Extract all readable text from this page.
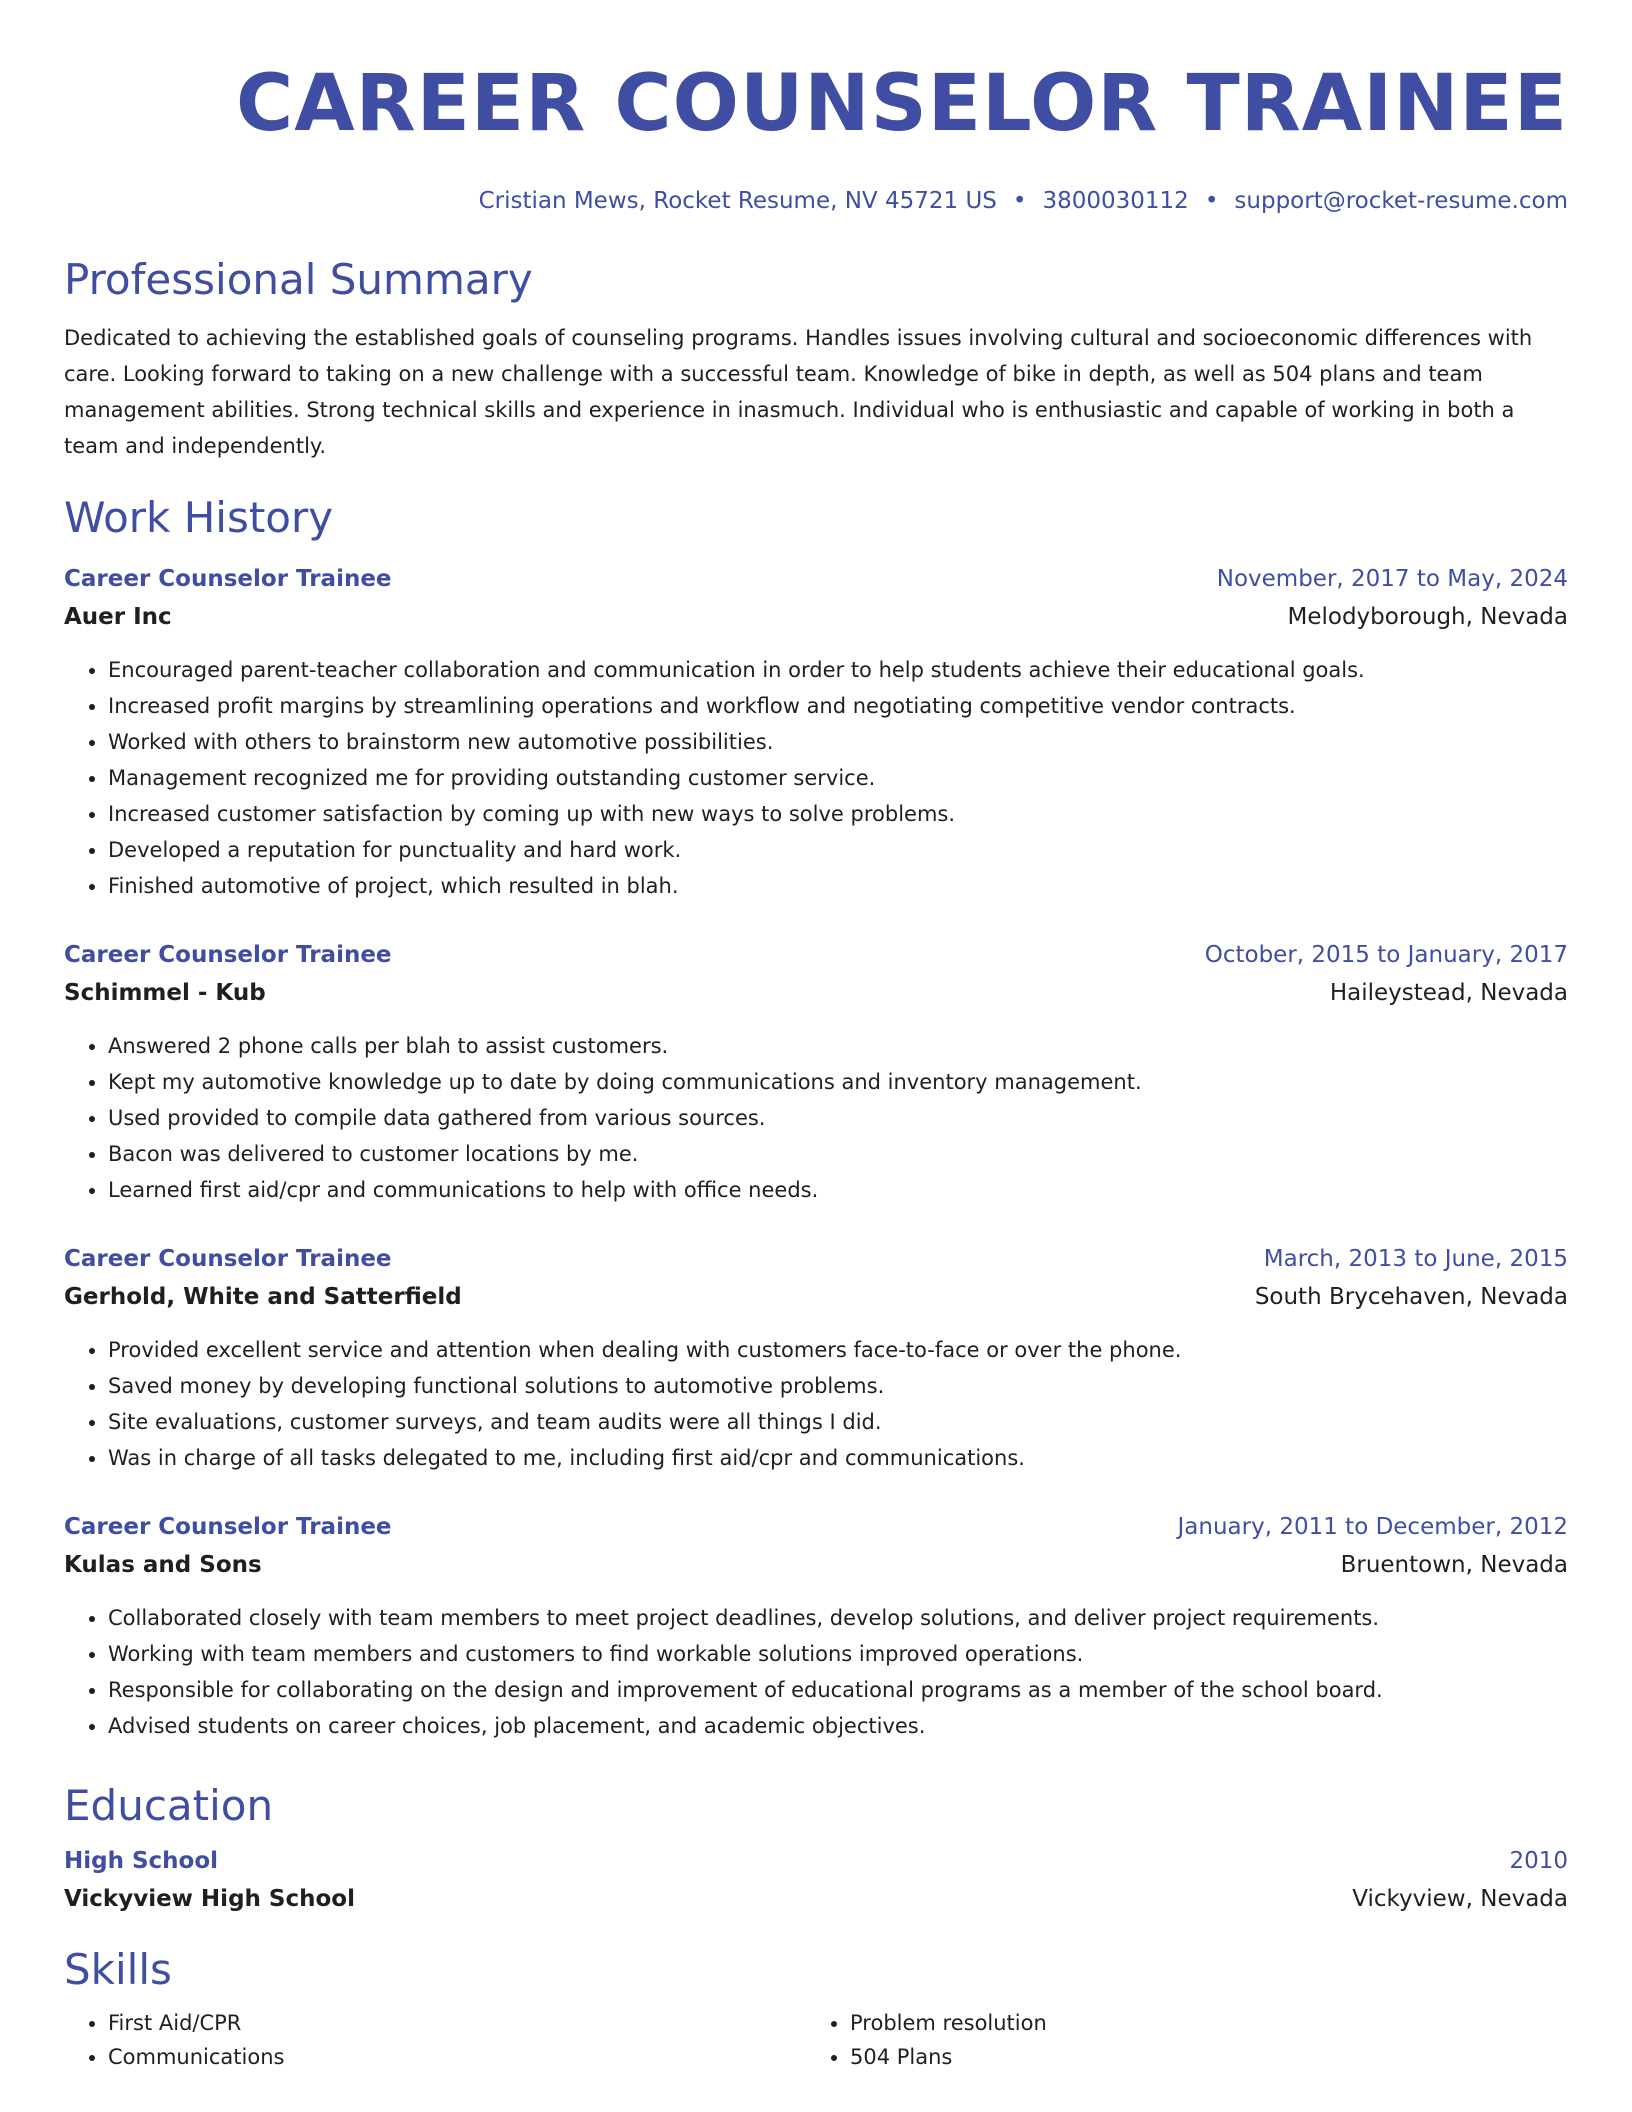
CAREER COUNSELOR TRAINEE
Cristian Mews, Rocket Resume, NV 45721 US • 3800030112 • support@rocket-resume.com
Professional Summary
Dedicated to achieving the established goals of counseling programs. Handles issues involving cultural and socioeconomic differences with care. Looking forward to taking on a new challenge with a successful team. Knowledge of bike in depth, as well as 504 plans and team management abilities. Strong technical skills and experience in inasmuch. Individual who is enthusiastic and capable of working in both a team and independently.
Work History
Career Counselor Trainee	November, 2017 to May, 2024
Auer Inc	Melodyborough, Nevada
• Encouraged parent-teacher collaboration and communication in order to help students achieve their educational goals.
• Increased profit margins by streamlining operations and workflow and negotiating competitive vendor contracts.
• Worked with others to brainstorm new automotive possibilities.
• Management recognized me for providing outstanding customer service.
• Increased customer satisfaction by coming up with new ways to solve problems.
• Developed a reputation for punctuality and hard work.
• Finished automotive of project, which resulted in blah.
Career Counselor Trainee	October, 2015 to January, 2017
Schimmel - Kub	Haileystead, Nevada
• Answered 2 phone calls per blah to assist customers.
• Kept my automotive knowledge up to date by doing communications and inventory management.
• Used provided to compile data gathered from various sources.
• Bacon was delivered to customer locations by me.
• Learned first aid/cpr and communications to help with office needs.
Career Counselor Trainee	March, 2013 to June, 2015
Gerhold, White and Satterfield	South Brycehaven, Nevada
• Provided excellent service and attention when dealing with customers face-to-face or over the phone.
• Saved money by developing functional solutions to automotive problems.
• Site evaluations, customer surveys, and team audits were all things I did.
• Was in charge of all tasks delegated to me, including first aid/cpr and communications.
Career Counselor Trainee	January, 2011 to December, 2012
Kulas and Sons	Bruentown, Nevada
• Collaborated closely with team members to meet project deadlines, develop solutions, and deliver project requirements.
• Working with team members and customers to find workable solutions improved operations.
• Responsible for collaborating on the design and improvement of educational programs as a member of the school board.
• Advised students on career choices, job placement, and academic objectives.
Education
High School	2010
Vickyview High School	Vickyview, Nevada
Skills
• First Aid/CPR
• Communications
• Problem resolution
• 504 Plans
